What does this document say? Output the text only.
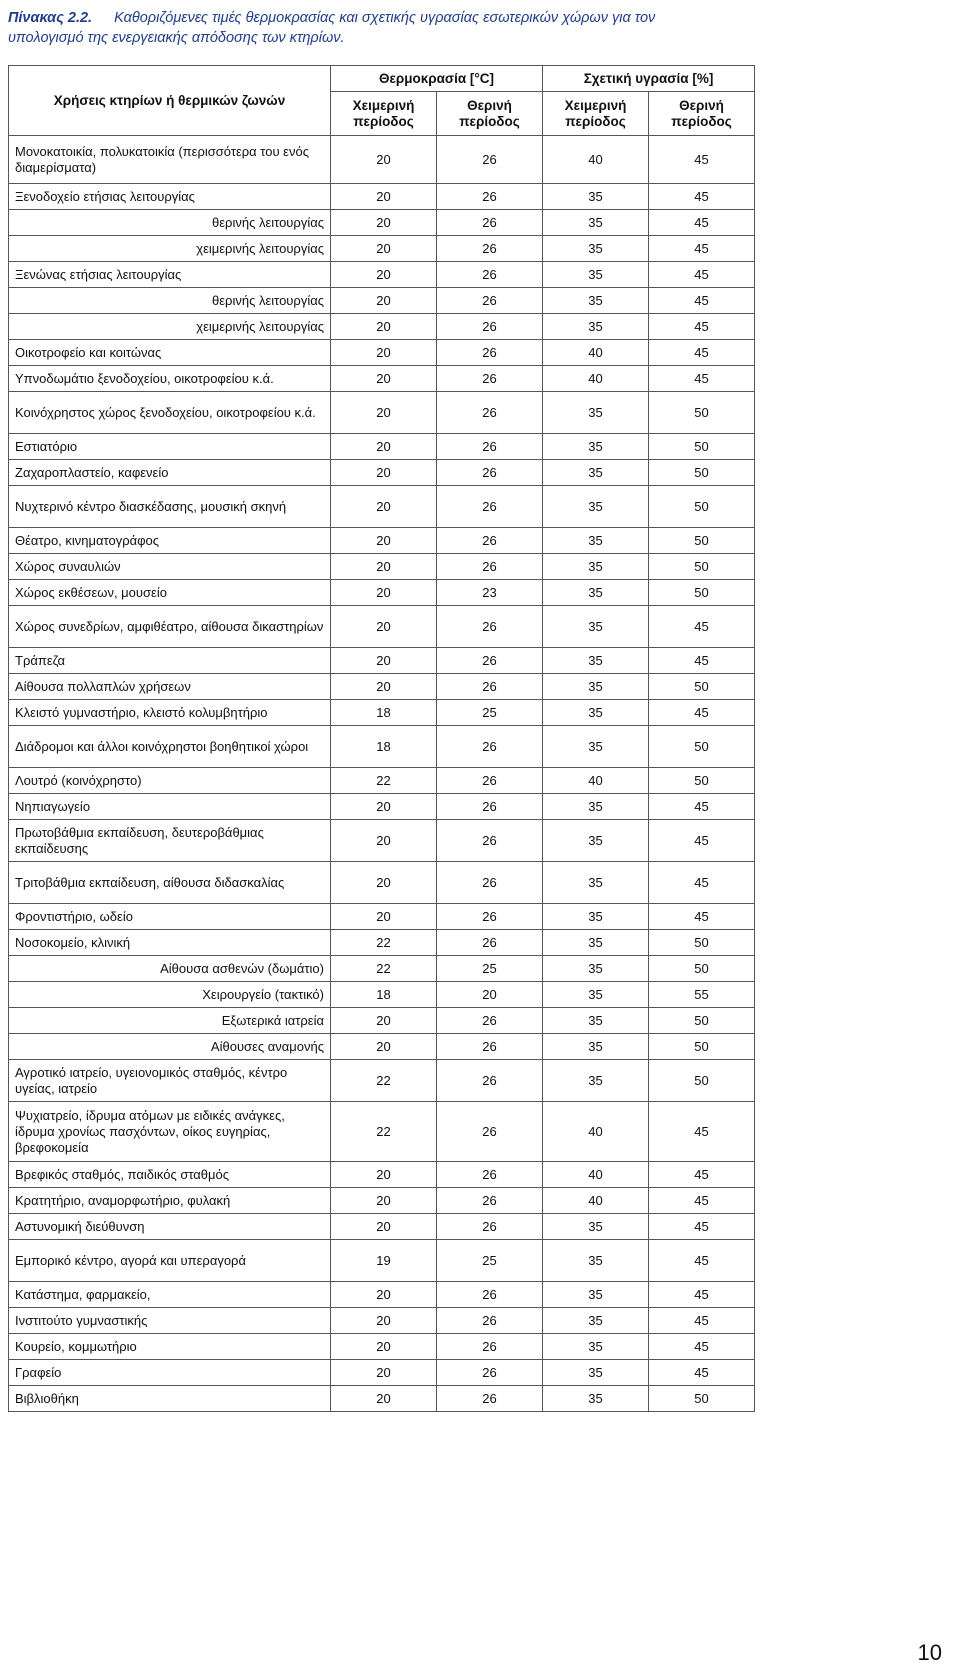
Πίνακας 2.2. Καθοριζόμενες τιμές θερμοκρασίας και σχετικής υγρασίας εσωτερικών χώρων για τον υπολογισμό της ενεργειακής απόδοσης των κτηρίων.
Χρήσεις κτηρίων ή θερμικών ζωνών	Θερμοκρασία [°C]		Σχετική υγρασία [%]	
	Χειμερινή περίοδος	Θερινή περίοδος	Χειμερινή περίοδος	Θερινή περίοδος
Μονοκατοικία, πολυκατοικία (περισσότερα του ενός διαμερίσματα)	20	26	40	45
Ξενοδοχείο ετήσιας λειτουργίας	20	26	35	45
θερινής λειτουργίας	20	26	35	45
χειμερινής λειτουργίας	20	26	35	45
Ξενώνας ετήσιας λειτουργίας	20	26	35	45
θερινής λειτουργίας	20	26	35	45
χειμερινής λειτουργίας	20	26	35	45
Οικοτροφείο και κοιτώνας	20	26	40	45
Υπνοδωμάτιο ξενοδοχείου, οικοτροφείου κ.ά.	20	26	40	45
Κοινόχρηστος χώρος ξενοδοχείου, οικοτροφείου κ.ά.	20	26	35	50
Εστιατόριο	20	26	35	50
Ζαχαροπλαστείο, καφενείο	20	26	35	50
Νυχτερινό κέντρο διασκέδασης, μουσική σκηνή	20	26	35	50
Θέατρο, κινηματογράφος	20	26	35	50
Χώρος συναυλιών	20	26	35	50
Χώρος εκθέσεων, μουσείο	20	23	35	50
Χώρος συνεδρίων, αμφιθέατρο, αίθουσα δικαστηρίων	20	26	35	45
Τράπεζα	20	26	35	45
Αίθουσα πολλαπλών χρήσεων	20	26	35	50
Κλειστό γυμναστήριο, κλειστό κολυμβητήριο	18	25	35	45
Διάδρομοι και άλλοι κοινόχρηστοι βοηθητικοί χώροι	18	26	35	50
Λουτρό (κοινόχρηστο)	22	26	40	50
Νηπιαγωγείο	20	26	35	45
Πρωτοβάθμια εκπαίδευση, δευτεροβάθμιας εκπαίδευσης	20	26	35	45
Τριτοβάθμια εκπαίδευση, αίθουσα διδασκαλίας	20	26	35	45
Φροντιστήριο, ωδείο	20	26	35	45
Νοσοκομείο, κλινική	22	26	35	50
Αίθουσα ασθενών (δωμάτιο)	22	25	35	50
Χειρουργείο (τακτικό)	18	20	35	55
Εξωτερικά ιατρεία	20	26	35	50
Αίθουσες αναμονής	20	26	35	50
Αγροτικό ιατρείο, υγειονομικός σταθμός, κέντρο υγείας, ιατρείο	22	26	35	50
Ψυχιατρείο, ίδρυμα ατόμων με ειδικές ανάγκες, ίδρυμα χρονίως πασχόντων, οίκος ευγηρίας, βρεφοκομεία	22	26	40	45
Βρεφικός σταθμός, παιδικός σταθμός	20	26	40	45
Κρατητήριο, αναμορφωτήριο, φυλακή	20	26	40	45
Αστυνομική διεύθυνση	20	26	35	45
Εμπορικό κέντρο, αγορά και υπεραγορά	19	25	35	45
Κατάστημα, φαρμακείο,	20	26	35	45
Ινστιτούτο γυμναστικής	20	26	35	45
Κουρείο, κομμωτήριο	20	26	35	45
Γραφείο	20	26	35	45
Βιβλιοθήκη	20	26	35	50
10
